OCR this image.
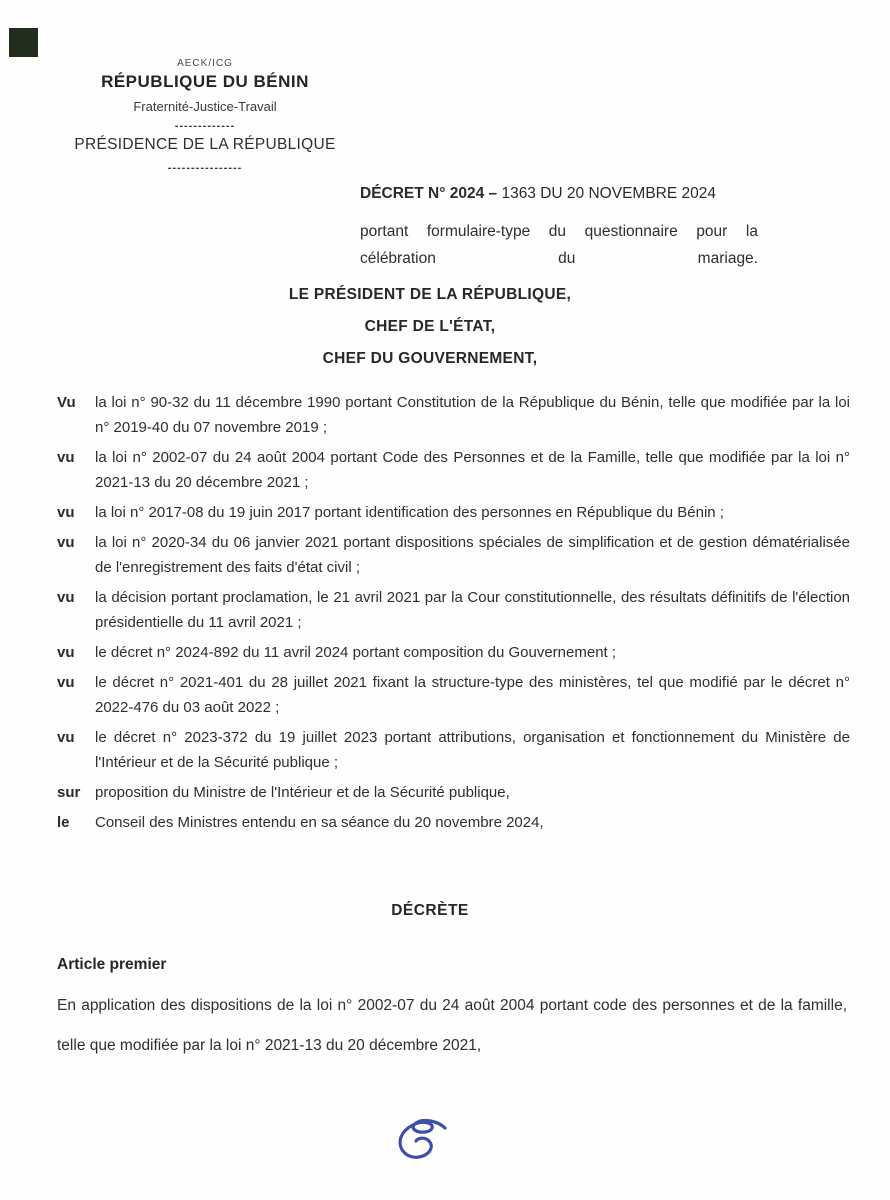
AECK/ICG
RÉPUBLIQUE DU BÉNIN
Fraternité-Justice-Travail
-------------
PRÉSIDENCE DE LA RÉPUBLIQUE
----------------
DÉCRET N° 2024 – 1363 DU 20 NOVEMBRE 2024
portant formulaire-type du questionnaire pour la célébration du mariage.
LE PRÉSIDENT DE LA RÉPUBLIQUE,
CHEF DE L'ÉTAT,
CHEF DU GOUVERNEMENT,
Vu	la loi n° 90-32 du 11 décembre 1990 portant Constitution de la République du Bénin, telle que modifiée par la loi n° 2019-40 du 07 novembre 2019 ;
vu	la loi n° 2002-07 du 24 août 2004 portant Code des Personnes et de la Famille, telle que modifiée par la loi n° 2021-13 du 20 décembre 2021 ;
vu	la loi n° 2017-08 du 19 juin 2017 portant identification des personnes en République du Bénin ;
vu	la loi n° 2020-34 du 06 janvier 2021 portant dispositions spéciales de simplification et de gestion dématérialisée de l'enregistrement des faits d'état civil ;
vu	la décision portant proclamation, le 21 avril 2021 par la Cour constitutionnelle, des résultats définitifs de l'élection présidentielle du 11 avril 2021 ;
vu	le décret n° 2024-892 du 11 avril 2024 portant composition du Gouvernement ;
vu	le décret n° 2021-401 du 28 juillet 2021 fixant la structure-type des ministères, tel que modifié par le décret n° 2022-476 du 03 août 2022 ;
vu	le décret n° 2023-372 du 19 juillet 2023 portant attributions, organisation et fonctionnement du Ministère de l'Intérieur et de la Sécurité publique ;
sur proposition du Ministre de l'Intérieur et de la Sécurité publique,
le	Conseil des Ministres entendu en sa séance du 20 novembre 2024,
DÉCRÈTE
Article premier
En application des dispositions de la loi n° 2002-07 du 24 août 2004 portant code des personnes et de la famille, telle que modifiée par la loi n° 2021-13 du 20 décembre 2021,
